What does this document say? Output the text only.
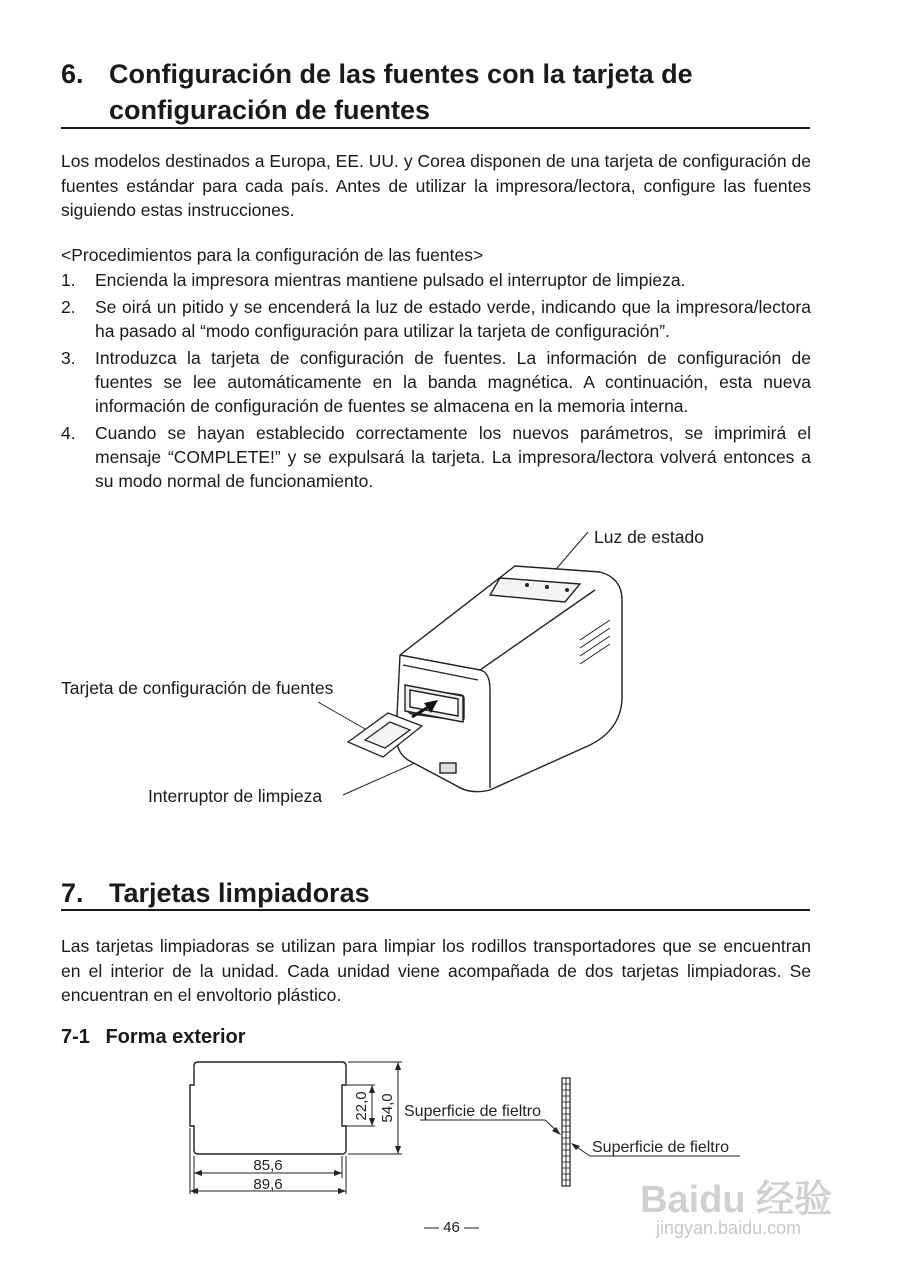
6. Configuración de las fuentes con la tarjeta de configuración de fuentes
Los modelos destinados a Europa, EE. UU. y Corea disponen de una tarjeta de configuración de fuentes estándar para cada país. Antes de utilizar la impresora/lectora, configure las fuentes siguiendo estas instrucciones.
<Procedimientos para la configuración de las fuentes>
1. Encienda la impresora mientras mantiene pulsado el interruptor de limpieza.
2. Se oirá un pitido y se encenderá la luz de estado verde, indicando que la impresora/lectora ha pasado al “modo configuración para utilizar la tarjeta de configuración”.
3. Introduzca la tarjeta de configuración de fuentes. La información de configuración de fuentes se lee automáticamente en la banda magnética. A continuación, esta nueva información de configuración de fuentes se almacena en la memoria interna.
4. Cuando se hayan establecido correctamente los nuevos parámetros, se imprimirá el mensaje “COMPLETE!” y se expulsará la tarjeta. La impresora/lectora volverá entonces a su modo normal de funcionamiento.
Luz de estado
Tarjeta de configuración de fuentes
Interruptor de limpieza
7. Tarjetas limpiadoras
Las tarjetas limpiadoras se utilizan para limpiar los rodillos transportadores que se encuentran en el interior de la unidad. Cada unidad viene acompañada de dos tarjetas limpiadoras. Se encuentran en el envoltorio plástico.
7-1 Forma exterior
85,6
89,6
22,0 54,0 Superficie de fieltro
Superficie de fieltro
— 46 —
Baidu 经验
jingyan.baidu.com
